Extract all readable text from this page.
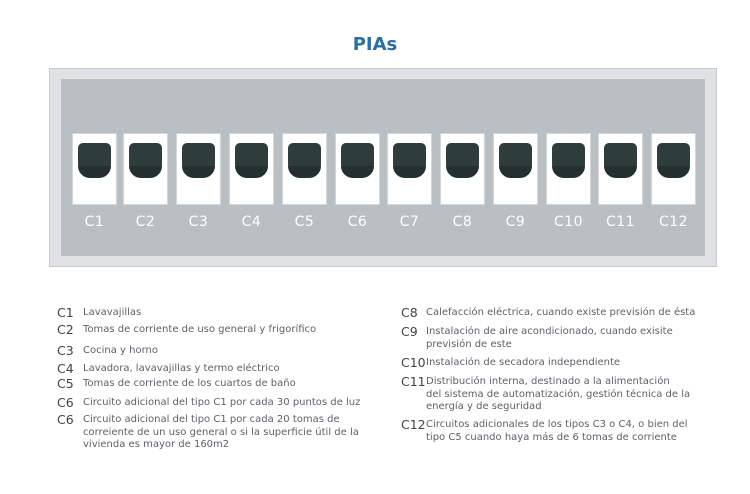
PIAs
C1	C2	C3	C4	C5	C6	C7	C8	C9	C10	C11	C12
C1 Lavavajillas
C2 Tomas de corriente de uso general y frigorífico
C3 Cocina y horno
C4 Lavadora, lavavajillas y termo eléctrico
C5 Tomas de corriente de los cuartos de baño
C6 Circuito adicional del tipo C1 por cada 30 puntos de luz
C6 Circuito adicional del tipo C1 por cada 20 tomas de
correiente de un uso general o si la superficie útil de la
vivienda es mayor de 160m2
C8 Calefacción eléctrica, cuando existe previsión de ésta
C9 Instalación de aire acondicionado, cuando exisite
previsión de este
C10 Instalación de secadora independiente
C11 Distribución interna, destinado a la alimentación
del sistema de automatización, gestión técnica de la
energía y de seguridad
C12 Circuitos adicionales de los tipos C3 o C4, o bien del
tipo C5 cuando haya más de 6 tomas de corriente
